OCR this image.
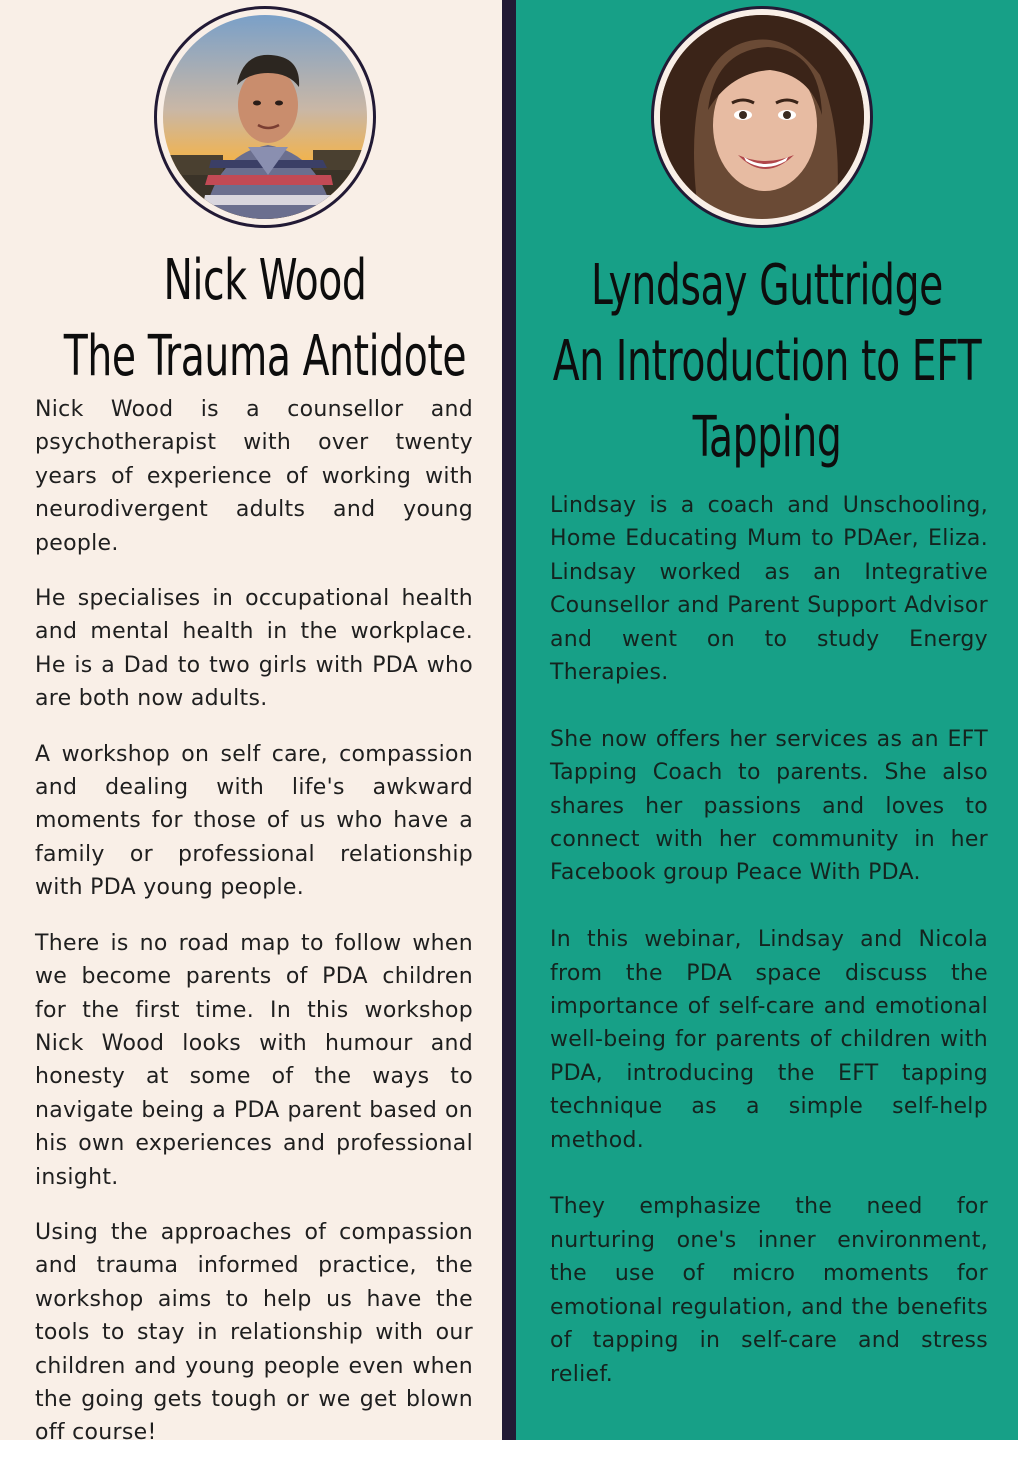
Nick Wood
The Trauma Antidote

Nick Wood is a counsellor and psychotherapist with over twenty years of experience of working with neurodivergent adults and young people.

He specialises in occupational health and mental health in the workplace. He is a Dad to two girls with PDA who are both now adults.

A workshop on self care, compassion and dealing with life's awkward moments for those of us who have a family or professional relationship with PDA young people.

There is no road map to follow when we become parents of PDA children for the first time. In this workshop Nick Wood looks with humour and honesty at some of the ways to navigate being a PDA parent based on his own experiences and professional insight.

Using the approaches of compassion and trauma informed practice, the workshop aims to help us have the tools to stay in relationship with our children and young people even when the going gets tough or we get blown off course!

Lyndsay Guttridge
An Introduction to EFT Tapping

Lindsay is a coach and Unschooling, Home Educating Mum to PDAer, Eliza. Lindsay worked as an Integrative Counsellor and Parent Support Advisor and went on to study Energy Therapies.

She now offers her services as an EFT Tapping Coach to parents. She also shares her passions and loves to connect with her community in her Facebook group Peace With PDA.

In this webinar, Lindsay and Nicola from the PDA space discuss the importance of self-care and emotional well-being for parents of children with PDA, introducing the EFT tapping technique as a simple self-help method.

They emphasize the need for nurturing one's inner environment, the use of micro moments for emotional regulation, and the benefits of tapping in self-care and stress relief.
